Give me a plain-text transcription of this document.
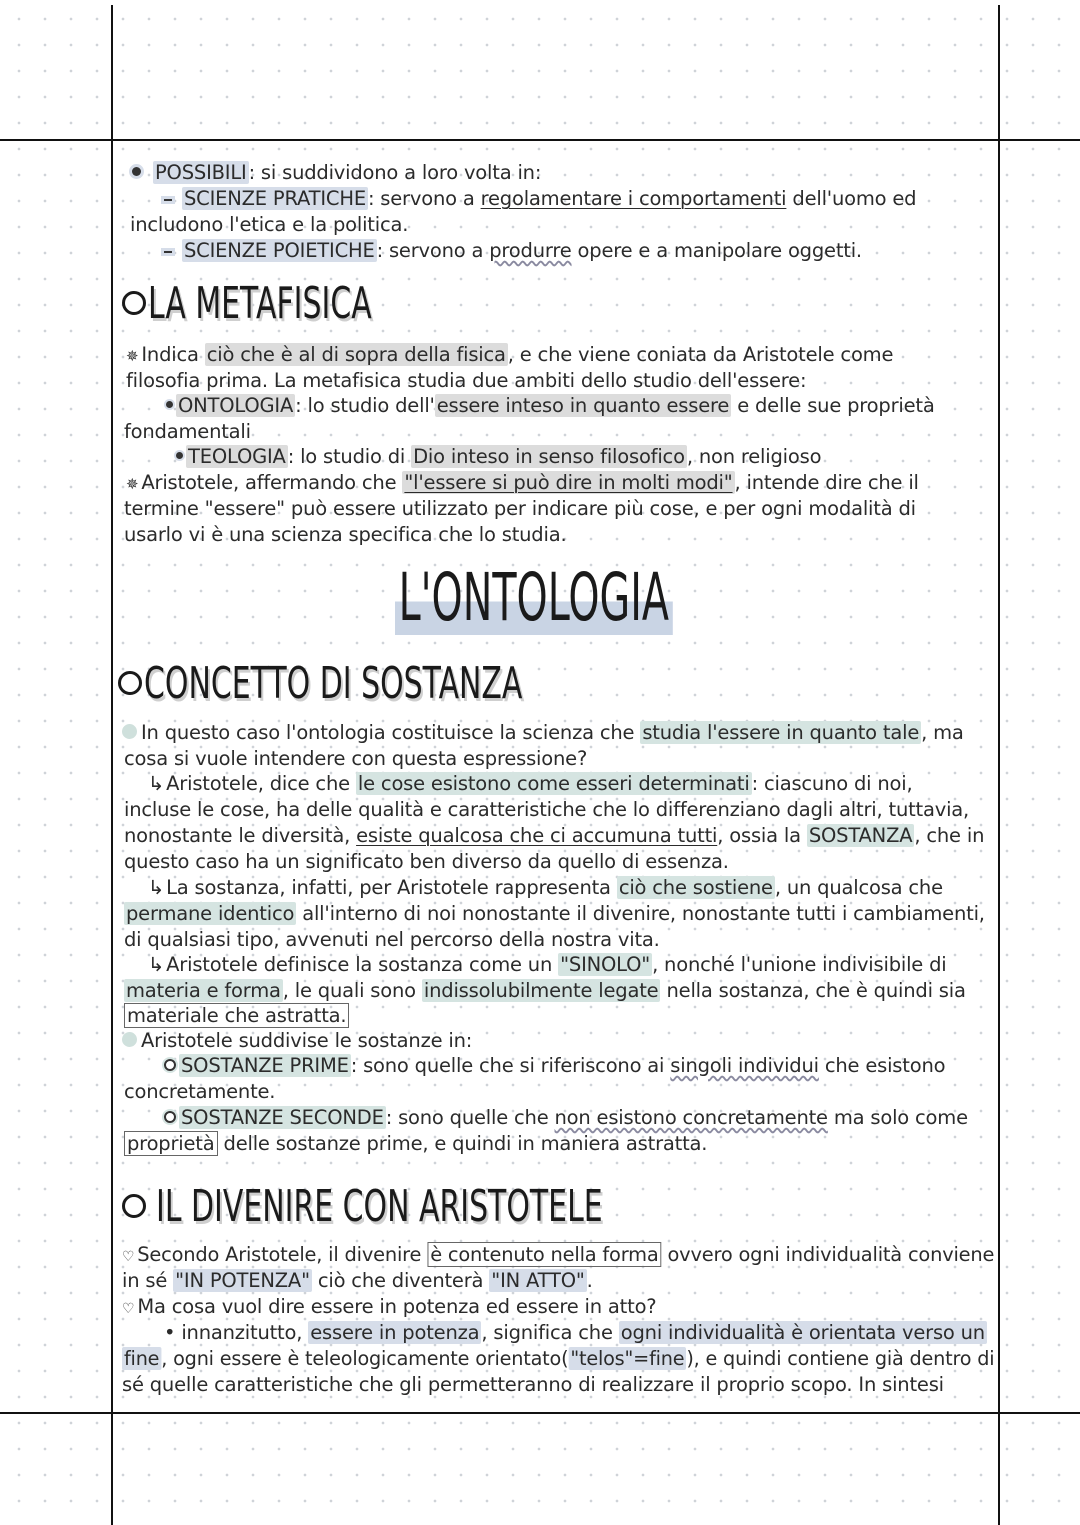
POSSIBILI : si suddividono a loro volta in:
SCIENZE PRATICHE : servono a regolamentare i comportamenti dell'uomo ed
includono l'etica e la politica.
SCIENZE POIETICHE : servono a produrre opere e a manipolare oggetti.
LA METAFISICA
✵ Indica ciò che è al di sopra della fisica , e che viene coniata da Aristotele come
filosofia prima. La metafisica studia due ambiti dello studio dell'essere:
ONTOLOGIA : lo studio dell' essere inteso in quanto essere e delle sue proprietà
fondamentali
TEOLOGIA : lo studio di Dio inteso in senso filosofico , non religioso
✵ Aristotele, affermando che "l'essere si può dire in molti modi" , intende dire che il
termine "essere" può essere utilizzato per indicare più cose, e per ogni modalità di
usarlo vi è una scienza specifica che lo studia.
L'ONTOLOGIA
CONCETTO DI SOSTANZA
In questo caso l'ontologia costituisce la scienza che studia l'essere in quanto tale , ma
cosa si vuole intendere con questa espressione?
↳ Aristotele, dice che le cose esistono come esseri determinati : ciascuno di noi,
incluse le cose, ha delle qualità e caratteristiche che lo differenziano dagli altri, tuttavia,
nonostante le diversità, esiste qualcosa che ci accumuna tutti, ossia la SOSTANZA , che in
questo caso ha un significato ben diverso da quello di essenza.
↳ La sostanza, infatti, per Aristotele rappresenta ciò che sostiene , un qualcosa che
permane identico all'interno di noi nonostante il divenire, nonostante tutti i cambiamenti,
di qualsiasi tipo, avvenuti nel percorso della nostra vita.
↳ Aristotele definisce la sostanza come un "SINOLO" , nonché l'unione indivisibile di
materia e forma , le quali sono indissolubilmente legate nella sostanza, che è quindi sia
materiale che astratta.
Aristotele suddivise le sostanze in:
SOSTANZE PRIME : sono quelle che si riferiscono ai singoli individui che esistono
concretamente.
SOSTANZE SECONDE : sono quelle che non esistono concretamente ma solo come
proprietà delle sostanze prime, e quindi in maniera astratta.
IL DIVENIRE CON ARISTOTELE
♡ Secondo Aristotele, il divenire è contenuto nella forma ovvero ogni individualità conviene
in sé "IN POTENZA" ciò che diventerà "IN ATTO" .
♡ Ma cosa vuol dire essere in potenza ed essere in atto?
• innanzitutto, essere in potenza , significa che ogni individualità è orientata verso un
fine , ogni essere è teleologicamente orientato( "telos"=fine ), e quindi contiene già dentro di
sé quelle caratteristiche che gli permetteranno di realizzare il proprio scopo. In sintesi
